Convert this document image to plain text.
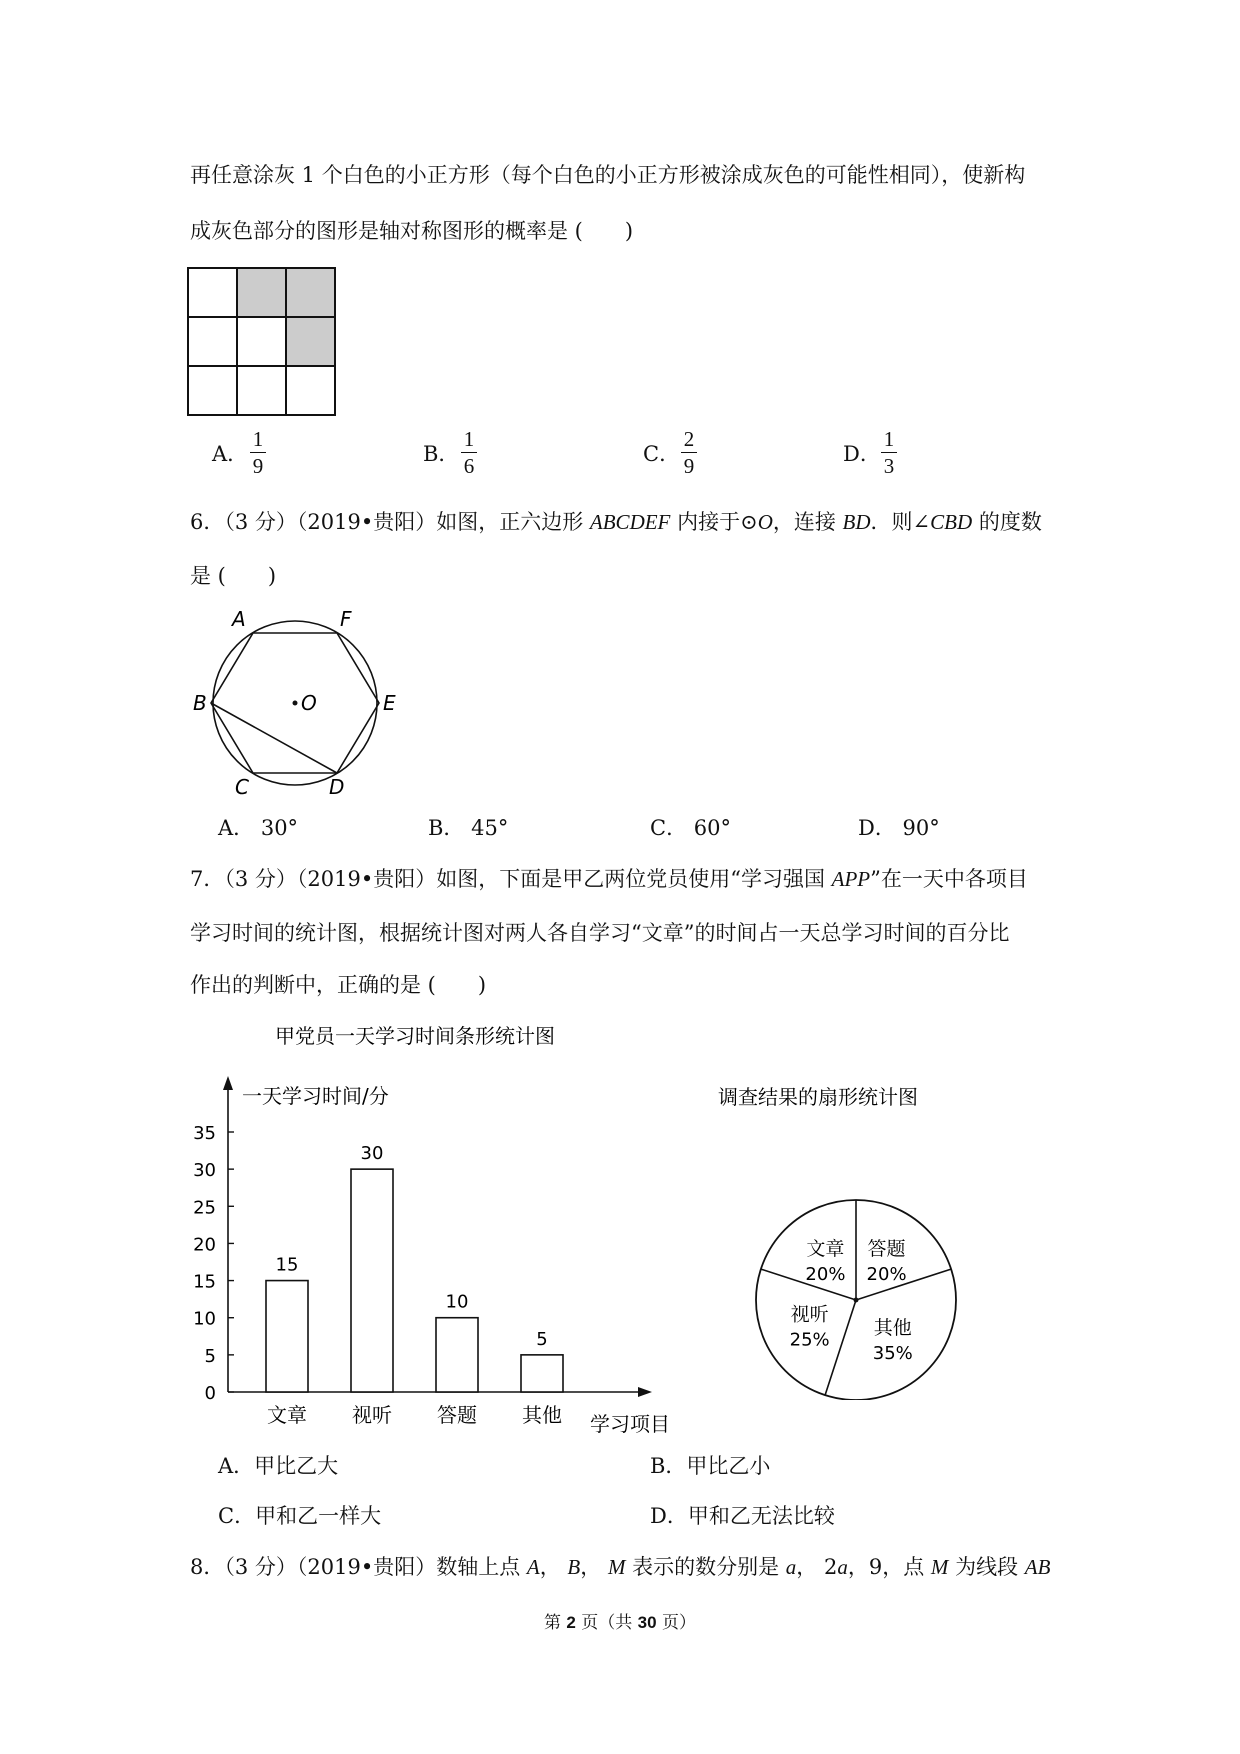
再任意涂灰 1 个白色的小正方形（每个白色的小正方形被涂成灰色的可能性相同），使新构
成灰色部分的图形是轴对称图形的概率是 (　　)
A．
1
9	B．
1
6	C．
2
9	D．
1
3
6．（3 分）（2019•贵阳）如图，正六边形 ABCDEF 内接于⊙O，连接 BD．则∠CBD 的度数
是 (　　)
A	F
B	O	E
C	D
A． 30°	B． 45°	C． 60°	D． 90°
7．（3 分）（2019•贵阳）如图，下面是甲乙两位党员使用“学习强国 APP”在一天中各项目
学习时间的统计图，根据统计图对两人各自学习“文章”的时间占一天总学习时间的百分比
作出的判断中，正确的是 (　　)
甲党员一天学习时间条形统计图
一天学习时间/分
学习项目
0
5
10
15
20
25
30
35
15
文章
30
视听
10
答题
5
其他
调查结果的扇形统计图
文章
20%
答题
20%
其他
35%
视听
25%
A．甲比乙大	B．甲比乙小
C．甲和乙一样大	D．甲和乙无法比较
8．（3 分）（2019•贵阳）数轴上点 A， B， M 表示的数分别是 a， 2a，9，点 M 为线段 AB
第 2 页（共 30 页）
